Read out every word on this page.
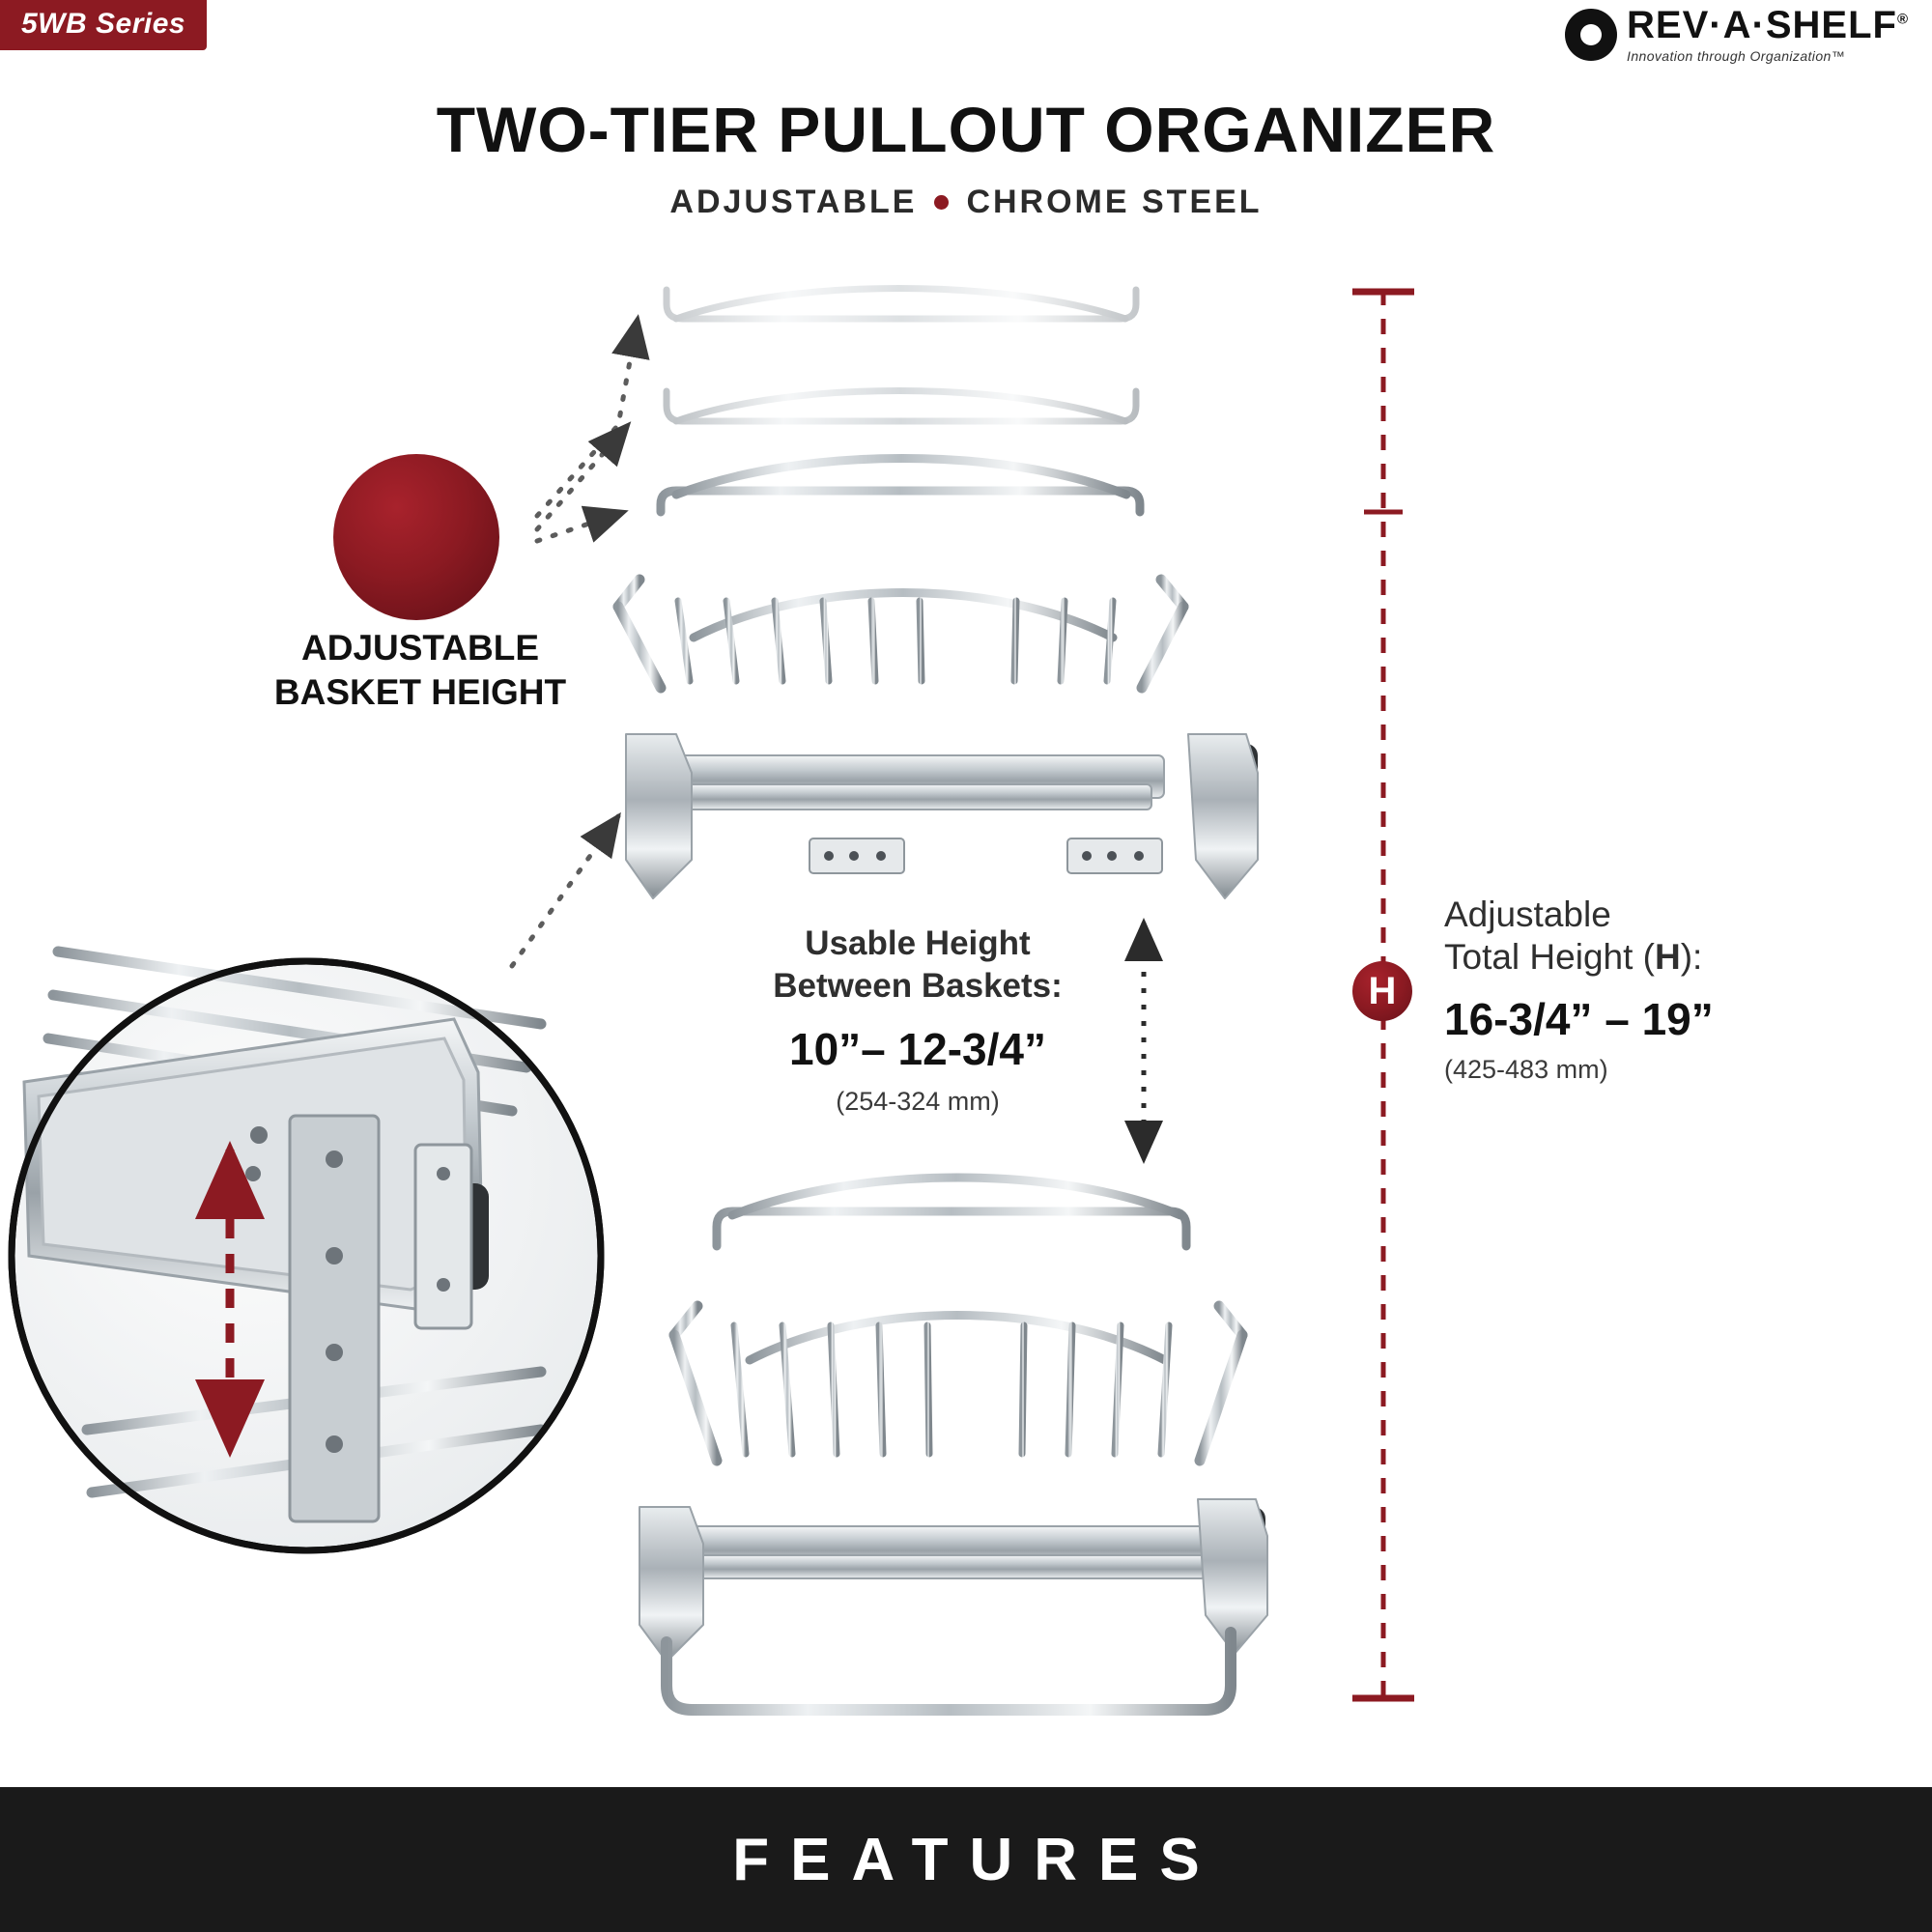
5WB Series	REV·A·SHELF®
Innovation through Organization™
TWO-TIER PULLOUT ORGANIZER
ADJUSTABLE CHROME STEEL
ADJUSTABLE
BASKET HEIGHT
Usable Height
Between Baskets:
10”– 12-3/4”
(254-324 mm)
H
Adjustable
Total Height (H):
16-3/4” – 19”
(425-483 mm)
FEATURES
